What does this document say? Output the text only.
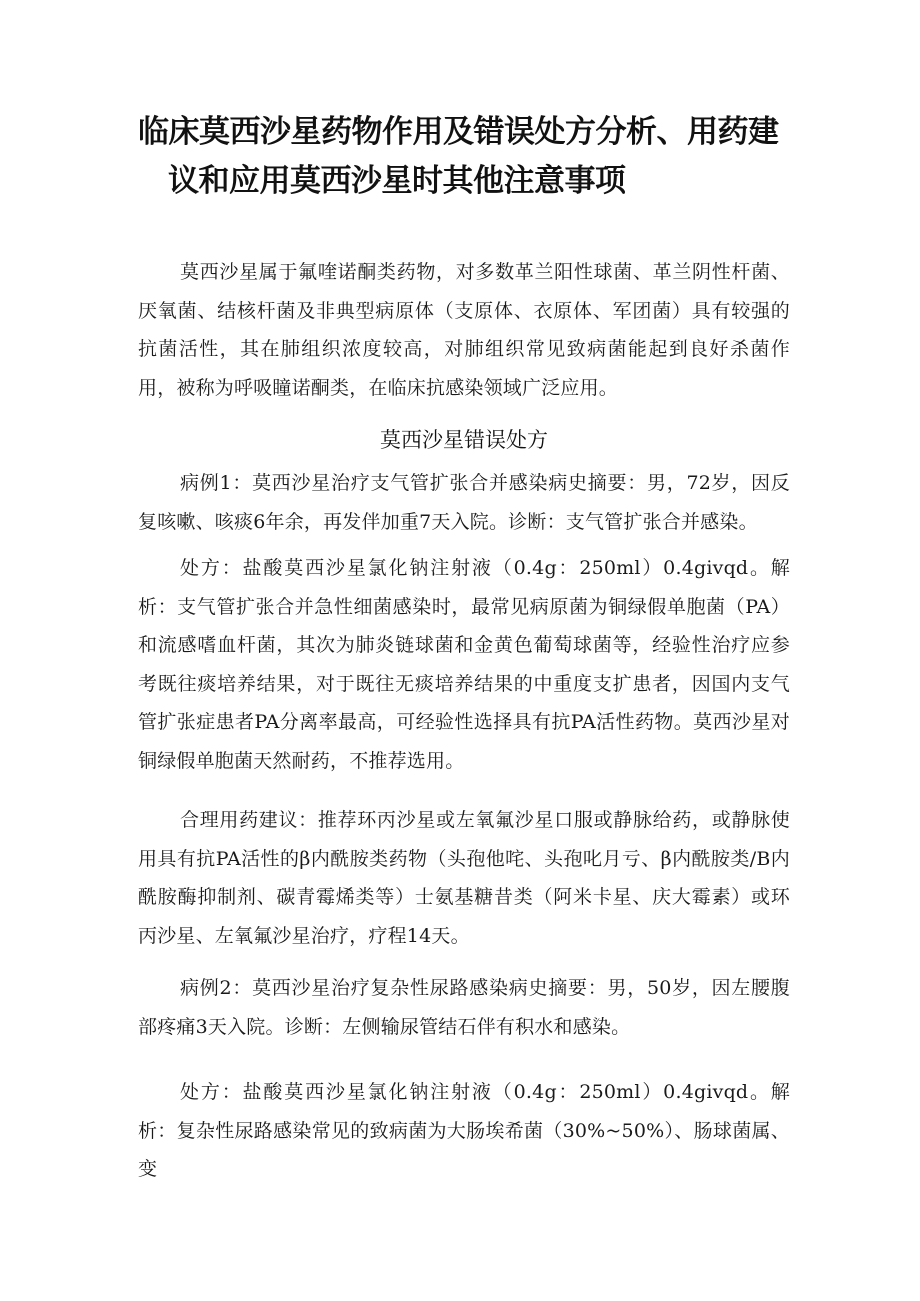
临床莫西沙星药物作用及错误处方分析、用药建
议和应用莫西沙星时其他注意事项

莫西沙星属于氟喹诺酮类药物，对多数革兰阳性球菌、革兰阴性杆菌、厌氧菌、结核杆菌及非典型病原体（支原体、衣原体、军团菌）具有较强的抗菌活性，其在肺组织浓度较高，对肺组织常见致病菌能起到良好杀菌作用，被称为呼吸瞳诺酮类，在临床抗感染领域广泛应用。

莫西沙星错误处方

病例1：莫西沙星治疗支气管扩张合并感染病史摘要：男，72岁，因反复咳嗽、咳痰6年余，再发伴加重7天入院。诊断：支气管扩张合并感染。

处方：盐酸莫西沙星氯化钠注射液（0.4g：250ml）0.4givqd。解析：支气管扩张合并急性细菌感染时，最常见病原菌为铜绿假单胞菌（PA）和流感嗜血杆菌，其次为肺炎链球菌和金黄色葡萄球菌等，经验性治疗应参考既往痰培养结果，对于既往无痰培养结果的中重度支扩患者，因国内支气管扩张症患者PA分离率最高，可经验性选择具有抗PA活性药物。莫西沙星对铜绿假单胞菌天然耐药，不推荐选用。

合理用药建议：推荐环丙沙星或左氧氟沙星口服或静脉给药，或静脉使用具有抗PA活性的β内酰胺类药物（头孢他咤、头孢叱月亏、β内酰胺类/B内酰胺酶抑制剂、碳青霉烯类等）士氨基糖昔类（阿米卡星、庆大霉素）或环丙沙星、左氧氟沙星治疗，疗程14天。

病例2：莫西沙星治疗复杂性尿路感染病史摘要：男，50岁，因左腰腹部疼痛3天入院。诊断：左侧输尿管结石伴有积水和感染。

处方：盐酸莫西沙星氯化钠注射液（0.4g：250ml）0.4givqd。解析：复杂性尿路感染常见的致病菌为大肠埃希菌（30%~50%）、肠球菌属、变
